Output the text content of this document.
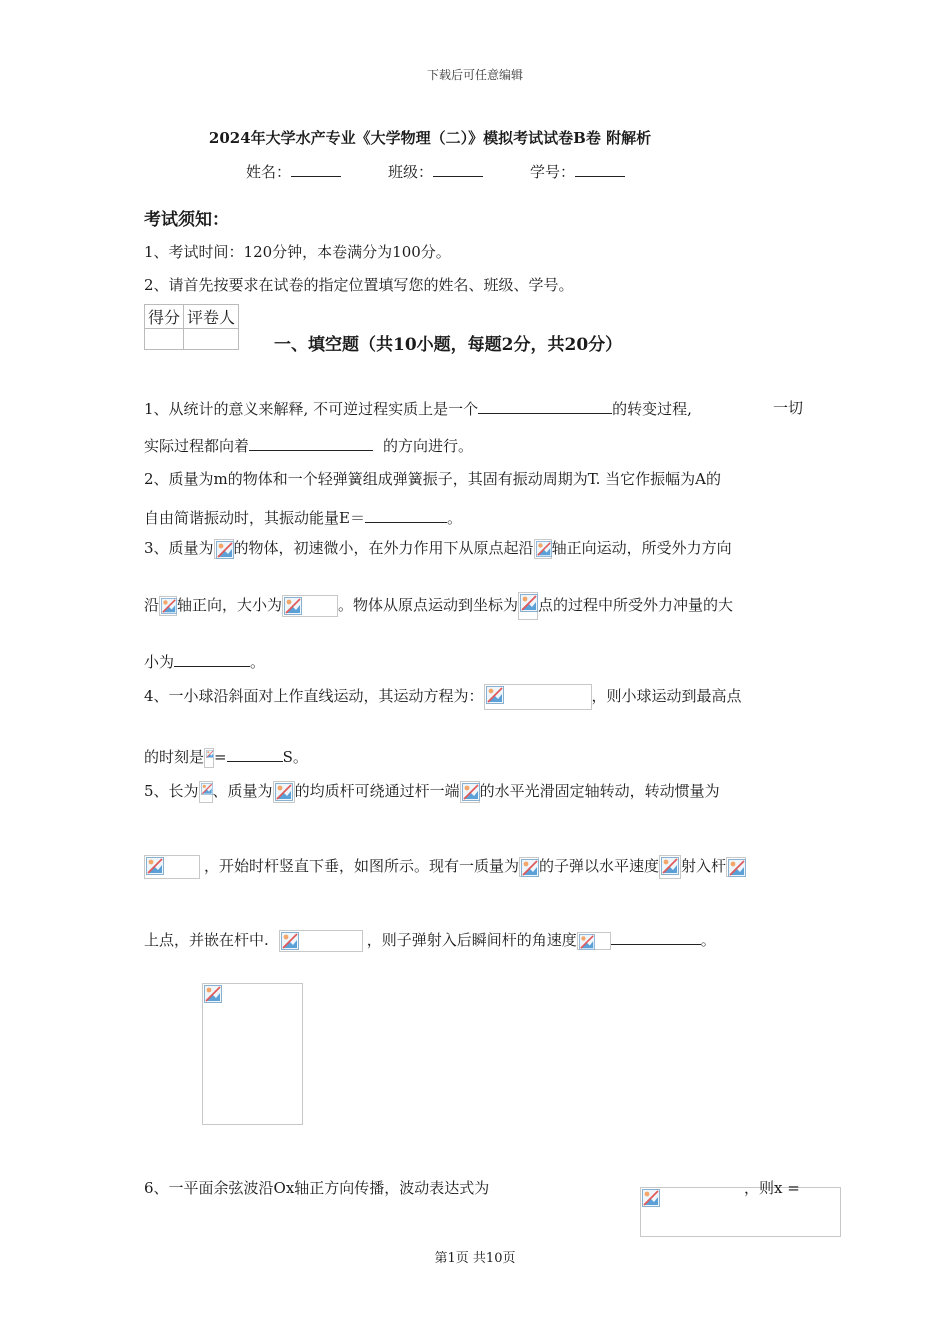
下载后可任意编辑
2024年大学水产专业《大学物理（二）》模拟考试试卷B卷 附解析
姓名：	班级：	学号：
考试须知：
1、考试时间：120分钟，本卷满分为100分。
2、请首先按要求在试卷的指定位置填写您的姓名、班级、学号。
得分	评卷人

一、填空题（共10小题，每题2分，共20分）
1、从统计的意义来解释, 不可逆过程实质上是一个	的转变过程,	一切
实际过程都向着	的方向进行。
2、质量为m的物体和一个轻弹簧组成弹簧振子，其固有振动周期为T. 当它作振幅为A的
自由简谐振动时，其振动能量E＝	。
3、质量为 的物体，初速微小，在外力作用下从原点起沿 轴正向运动，所受外力方向
沿 轴正向，大小为	。物体从原点运动到坐标为 点的过程中所受外力冲量的大
小为	。
4、一小球沿斜面对上作直线运动，其运动方程为：	，则小球运动到最高点
的时刻是 =	S。
5、长为 、质量为 的均质杆可绕通过杆一端 的水平光滑固定轴转动，转动惯量为
，开始时杆竖直下垂，如图所示。现有一质量为 的子弹以水平速度 射入杆
上点，并嵌在杆中.	，则子弹射入后瞬间杆的角速度	。

6、一平面余弦波沿Ox轴正方向传播，波动表达式为	，则x =
第1页 共10页
